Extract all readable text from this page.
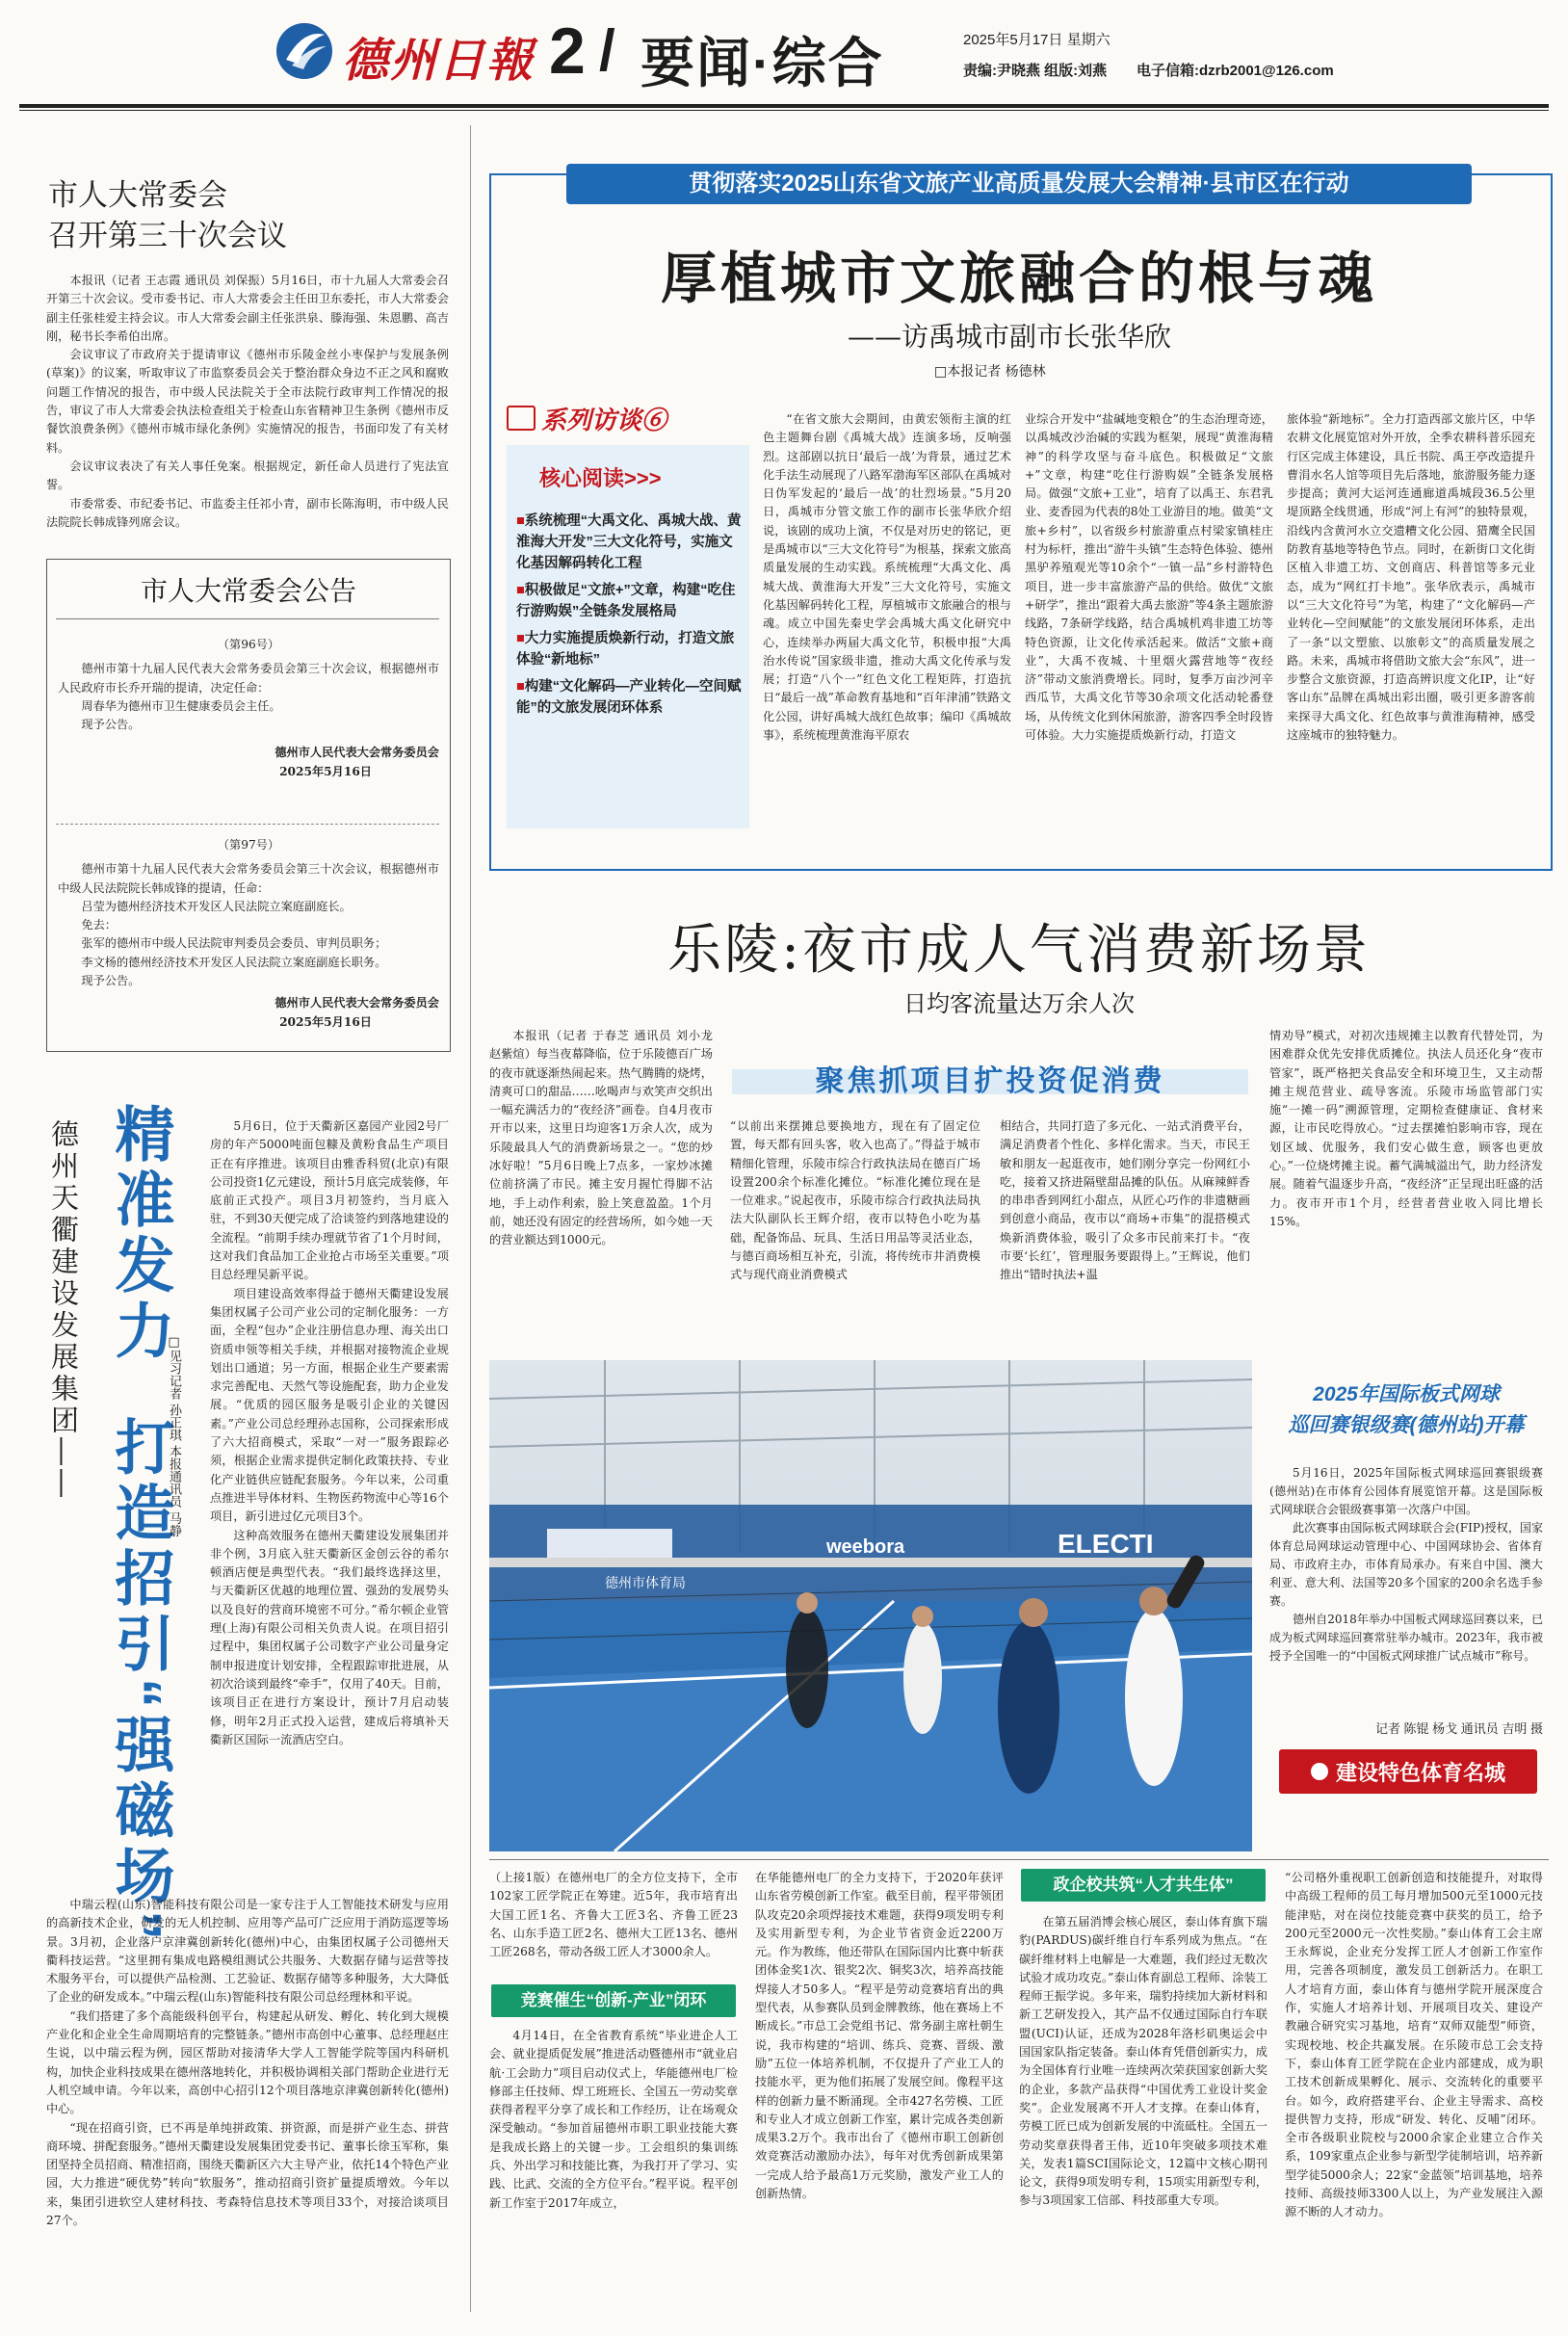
德州日報 2 / 要闻·综合	2025年5月17日 星期六
责编:尹晓燕 组版:刘燕 电子信箱:dzrb2001@126.com
市人大常委会
召开第三十次会议

本报讯（记者 王志霞 通讯员 刘保振）5月16日，市十九届人大常委会召开第三十次会议。受市委书记、市人大常委会主任田卫东委托，市人大常委会副主任张桂爱主持会议。市人大常委会副主任张洪泉、滕海强、朱恩鹏、高吉刚，秘书长李希伯出席。

会议审议了市政府关于提请审议《德州市乐陵金丝小枣保护与发展条例(草案)》的议案，听取审议了市监察委员会关于整治群众身边不正之风和腐败问题工作情况的报告，市中级人民法院关于全市法院行政审判工作情况的报告，审议了市人大常委会执法检查组关于检查山东省精神卫生条例《德州市反餐饮浪费条例》《德州市城市绿化条例》实施情况的报告，书面印发了有关材料。

会议审议表决了有关人事任免案。根据规定，新任命人员进行了宪法宣誓。

市委常委、市纪委书记、市监委主任祁小青，副市长陈海明，市中级人民法院院长韩成锋列席会议。

市人大常委会公告
（第96号）

德州市第十九届人民代表大会常务委员会第三十次会议，根据德州市人民政府市长乔开瑞的提请，决定任命：

周春华为德州市卫生健康委员会主任。

现予公告。

德州市人民代表大会常务委员会
2025年5月16日
（第97号）

德州市第十九届人民代表大会常务委员会第三十次会议，根据德州市中级人民法院院长韩成锋的提请，任命：

吕莹为德州经济技术开发区人民法院立案庭副庭长。

免去：

张军的德州市中级人民法院审判委员会委员、审判员职务；

李文杨的德州经济技术开发区人民法院立案庭副庭长职务。

现予公告。

德州市人民代表大会常务委员会
2025年5月16日
德州天衢建设发展集团—— 精准发力
打造招引“强磁场”
□见习记者 孙正琪 本报通讯员 马静

5月6日，位于天衢新区嘉园产业园2号厂房的年产5000吨面包糠及黄粉食品生产项目正在有序推进。该项目由雅香科贸(北京)有限公司投资1亿元建设，预计5月底完成装修，年底前正式投产。项目3月初签约，当月底入驻，不到30天便完成了洽谈签约到落地建设的全流程。“前期手续办理就节省了1个月时间，这对我们食品加工企业抢占市场至关重要。”项目总经理吴新平说。

项目建设高效率得益于德州天衢建设发展集团权属子公司产业公司的定制化服务：一方面，全程“包办”企业注册信息办理、海关出口资质申领等相关手续，并根据对接物流企业规划出口通道；另一方面，根据企业生产要素需求完善配电、天然气等设施配套，助力企业发展。“优质的园区服务是吸引企业的关键因素。”产业公司总经理孙志国称，公司探索形成了六大招商模式，采取“一对一”服务跟踪必须，根据企业需求提供定制化政策扶持、专业化产业链供应链配套服务。今年以来，公司重点推进半导体材料、生物医药物流中心等16个项目，新引进过亿元项目3个。

这种高效服务在德州天衢建设发展集团并非个例，3月底入驻天衢新区金创云谷的希尔顿酒店便是典型代表。“我们最终选择这里，与天衢新区优越的地理位置、强劲的发展势头以及良好的营商环境密不可分。”希尔顿企业管理(上海)有限公司相关负责人说。在项目招引过程中，集团权属子公司数字产业公司量身定制申报进度计划安排，全程跟踪审批进展，从初次洽谈到最终“牵手”，仅用了40天。目前，该项目正在进行方案设计，预计7月启动装修，明年2月正式投入运营，建成后将填补天衢新区国际一流酒店空白。

中瑞云程(山东)智能科技有限公司是一家专注于人工智能技术研发与应用的高新技术企业，研发的无人机控制、应用等产品可广泛应用于消防巡逻等场景。3月初，企业落户京津冀创新转化(德州)中心，由集团权属子公司德州天衢科技运营。“这里拥有集成电路模组测试公共服务、大数据存储与运营等技术服务平台，可以提供产品检测、工艺验证、数据存储等多种服务，大大降低了企业的研发成本。”中瑞云程(山东)智能科技有限公司总经理林和平说。

“我们搭建了多个高能级科创平台，构建起从研发、孵化、转化到大规模产业化和企业全生命周期培育的完整链条。”德州市高创中心董事、总经理赵庄生说，以中瑞云程为例，园区帮助对接清华大学人工智能学院等国内科研机构，加快企业科技成果在德州落地转化，并积极协调相关部门帮助企业进行无人机空域申请。今年以来，高创中心招引12个项目落地京津冀创新转化(德州)中心。

“现在招商引资，已不再是单纯拼政策、拼资源，而是拼产业生态、拼营商环境、拼配套服务。”德州天衢建设发展集团党委书记、董事长徐玉军称，集团坚持全员招商、精准招商，围绕天衢新区六大主导产业，依托14个特色产业园，大力推进“硬优势”转向“软服务”，推动招商引资扩量提质增效。今年以来，集团引进软空人建材科技、考森特信息技术等项目33个，对接洽谈项目27个。

贯彻落实2025山东省文旅产业高质量发展大会精神·县市区在行动
厚植城市文旅融合的根与魂
——访禹城市副市长张华欣
□本报记者 杨德林
系列访谈⑥
核心阅读>>>
■系统梳理“大禹文化、禹城大战、黄淮海大开发”三大文化符号，实施文化基因解码转化工程
■积极做足“文旅+”文章，构建“吃住行游购娱”全链条发展格局
■大力实施提质焕新行动，打造文旅体验“新地标”
■构建“文化解码—产业转化—空间赋能”的文旅发展闭环体系
“在省文旅大会期间，由黄宏领衔主演的红色主题舞台剧《禹城大战》连演多场，反响强烈。这部剧以抗日‘最后一战’为背景，通过艺术化手法生动展现了八路军渤海军区部队在禹城对日伪军发起的‘最后一战’的壮烈场景。”5月20日，禹城市分管文旅工作的副市长张华欣介绍说，该剧的成功上演，不仅是对历史的铭记，更是禹城市以“三大文化符号”为根基，探索文旅高质量发展的生动实践。系统梳理“大禹文化、禹城大战、黄淮海大开发”三大文化符号，实施文化基因解码转化工程，厚植城市文旅融合的根与魂。成立中国先秦史学会禹城大禹文化研究中心，连续举办两届大禹文化节，积极申报“大禹治水传说”国家级非遗，推动大禹文化传承与发展；打造“八个一”红色文化工程矩阵，打造抗日“最后一战”革命教育基地和“百年津浦”铁路文化公园，讲好禹城大战红色故事；编印《禹城故事》，系统梳理黄淮海平原农
业综合开发中“盐碱地变粮仓”的生态治理奇迹，以禹城改沙治碱的实践为框架，展现“黄淮海精神”的科学攻坚与奋斗底色。积极做足“文旅+”文章，构建“吃住行游购娱”全链条发展格局。做强“文旅+工业”，培育了以禹王、东君乳业、麦香园为代表的8处工业游目的地。做美“文旅+乡村”，以省级乡村旅游重点村梁家镇桂庄村为标杆，推出“游牛头镇”生态特色体验、德州黑驴养殖观光等10余个“一镇一品”乡村游特色项目，进一步丰富旅游产品的供给。做优“文旅+研学”，推出“跟着大禹去旅游”等4条主题旅游线路，7条研学线路，结合禹城机鸡非遗工坊等特色资源，让文化传承活起来。做活“文旅+商业”，大禹不夜城、十里烟火露营地等“夜经济”带动文旅消费增长。同时，复季万亩沙河辛西瓜节，大禹文化节等30余项文化活动轮番登场，从传统文化到休闲旅游，游客四季全时段皆可体验。大力实施提质焕新行动，打造文
旅体验“新地标”。全力打造西部文旅片区，中华农耕文化展览馆对外开放，全季农耕科普乐园充行区完成主体建设，具丘书院、禹王亭改造提升曹涓水名人馆等项目先后落地，旅游服务能力逐步提高；黄河大运河连通廊道禹城段36.5公里堤顶路全线贯通，形成“河上有河”的独特景观，沿线内含黄河水立交遗糟文化公园、猎鹰全民国防教育基地等特色节点。同时，在新街口文化街区植入非遗工坊、文创商店、科普馆等多元业态，成为“网红打卡地”。张华欣表示，禹城市以“三大文化符号”为笔，构建了“文化解码—产业转化—空间赋能”的文旅发展闭环体系，走出了一条“以文塑旅、以旅彰文”的高质量发展之路。未来，禹城市将借助文旅大会“东风”，进一步整合文旅资源，打造高辨识度文化IP，让“好客山东”品牌在禹城出彩出圈，吸引更多游客前来探寻大禹文化、红色故事与黄淮海精神，感受这座城市的独特魅力。
乐陵:夜市成人气消费新场景
日均客流量达万余人次
本报讯（记者 于春芝 通讯员 刘小龙 赵紫煊）每当夜幕降临，位于乐陵德百广场的夜市就逐渐热闹起来。热气腾腾的烧烤，清爽可口的甜品……吆喝声与欢笑声交织出一幅充满活力的“夜经济”画卷。自4月夜市开市以来，这里日均迎客1万余人次，成为乐陵最具人气的消费新场景之一。“您的炒冰好啦！”5月6日晚上7点多，一家炒冰摊位前挤满了市民。摊主安月握忙得脚不沾地，手上动作利索，脸上笑意盈盈。1个月前，她还没有固定的经营场所，如今她一天的营业额达到1000元。
聚焦抓项目扩投资促消费
“以前出来摆摊总要换地方，现在有了固定位置，每天都有回头客，收入也高了。”得益于城市精细化管理，乐陵市综合行政执法局在德百广场设置200余个标准化摊位。“标准化摊位现在是一位难求。”说起夜市，乐陵市综合行政执法局执法大队副队长王辉介绍，夜市以特色小吃为基础，配备饰品、玩具、生活日用品等灵活业态，与德百商场相互补充，引流，将传统市井消费模式与现代商业消费模式
相结合，共同打造了多元化、一站式消费平台，满足消费者个性化、多样化需求。当天，市民王敏和朋友一起逛夜市，她们刚分享完一份网红小吃，接着又挤进隔壁甜品摊的队伍。从麻辣鲜香的串串香到网红小甜点，从匠心巧作的非遗糖画到创意小商品，夜市以“商场+市集”的混搭模式焕新消费体验，吸引了众多市民前来打卡。“夜市要‘长红’，管理服务要跟得上。”王辉说，他们推出“错时执法+温
情劝导”模式，对初次违规摊主以教育代替处罚，为困难群众优先安排优质摊位。执法人员还化身“夜市管家”，既严格把关食品安全和环境卫生，又主动帮摊主规范营业、疏导客流。乐陵市场监管部门实施“一摊一码”溯源管理，定期检查健康证、食材来源，让市民吃得放心。“过去摆摊怕影响市容，现在划区域、优服务，我们安心做生意，顾客也更放心。”一位烧烤摊主说。蓄气满城溢出气，助力经济发展。随着气温逐步升高，“夜经济”正呈现出旺盛的活力。夜市开市1个月，经营者营业收入同比增长15%。
德州市体育局
weebora	ELECTI
2025年国际板式网球
巡回赛银级赛(德州站)开幕

5月16日，2025年国际板式网球巡回赛银级赛(德州站)在市体育公园体育展览馆开幕。这是国际板式网球联合会银级赛事第一次落户中国。

此次赛事由国际板式网球联合会(FIP)授权，国家体育总局网球运动管理中心、中国网球协会、省体育局、市政府主办，市体育局承办。有来自中国、澳大利亚、意大利、法国等20多个国家的200余名选手参赛。

德州自2018年举办中国板式网球巡回赛以来，已成为板式网球巡回赛常驻举办城市。2023年，我市被授予全国唯一的“中国板式网球推广试点城市”称号。

记者 陈锟 杨戈 通讯员 吉明 摄
建设特色体育名城
（上接1版）在德州电厂的全方位支持下，全市102家工匠学院正在筹建。近5年，我市培育出大国工匠1名、齐鲁大工匠3名、齐鲁工匠23名、山东手造工匠2名、德州大工匠13名、德州工匠268名，带动各级工匠人才3000余人。
竞赛催生“创新-产业”闭环
4月14日，在全省教育系统“毕业进企人工会、就业提质促发展”推进活动暨德州市“就业启航·工会助力”项目启动仪式上，华能德州电厂检修部主任技师、焊工班班长、全国五一劳动奖章获得者程平分享了成长和工作经历，让在场观众深受触动。“参加首届德州市职工职业技能大赛是我成长路上的关键一步。工会组织的集训练兵、外出学习和技能比赛，为我打开了学习、实践、比武、交流的全方位平台。”程平说。程平创新工作室于2017年成立，
在华能德州电厂的全力支持下，于2020年获评山东省劳模创新工作室。截至目前，程平带领团队攻克20余项焊接技术难题，获得9项发明专利及实用新型专利，为企业节省资金近2200万元。作为教练，他还带队在国际国内比赛中斩获团体金奖1次、银奖2次、铜奖3次，培养高技能焊接人才50多人。“程平是劳动竞赛培育出的典型代表，从参赛队员到金牌教练，他在赛场上不断成长。”市总工会党组书记、常务副主席杜朝生说，我市构建的“培训、练兵、竞赛、晋级、激励”五位一体培养机制，不仅提升了产业工人的技能水平，更为他们拓展了发展空间。像程平这样的创新力量不断涌现。全市427名劳模、工匠和专业人才成立创新工作室，累计完成各类创新成果3.2万个。我市出台了《德州市职工创新创效竞赛活动激励办法》，每年对优秀创新成果第一完成人给予最高1万元奖励，激发产业工人的创新热情。
政企校共筑“人才共生体”
在第五届消博会核心展区，泰山体育旗下瑞豹(PARDUS)碳纤维自行车系列成为焦点。“在碳纤维材料上电解是一大难题，我们经过无数次试验才成功攻克。”泰山体育副总工程师、涂装工程师王振学说。多年来，瑞豹持续加大新材料和新工艺研发投入，其产品不仅通过国际自行车联盟(UCI)认证，还成为2028年洛杉矶奥运会中国国家队指定装备。泰山体育凭借创新实力，成为全国体育行业唯一连续两次荣获国家创新大奖的企业，多款产品获得“中国优秀工业设计奖金奖”。企业发展离不开人才支撑。在泰山体育，劳模工匠已成为创新发展的中流砥柱。全国五一劳动奖章获得者王伟，近10年突破多项技术难关，发表1篇SCI国际论文，12篇中文核心期刊论文，获得9项发明专利，15项实用新型专利，参与3项国家工信部、科技部重大专项。
“公司格外重视职工创新创造和技能提升，对取得中高级工程师的员工每月增加500元至1000元技能津贴，对在岗位技能竞赛中获奖的员工，给予200元至2000元一次性奖励。”泰山体育工会主席王永辉说，企业充分发挥工匠人才创新工作室作用，完善各项制度，激发员工创新活力。在职工人才培育方面，泰山体育与德州学院开展深度合作，实施人才培养计划、开展项目攻关、建设产教融合研究实习基地，培育“双师双能型”师资，实现校地、校企共赢发展。在乐陵市总工会支持下，泰山体育工匠学院在企业内部建成，成为职工技术创新成果孵化、展示、交流转化的重要平台。如今，政府搭建平台、企业主导需求、高校提供智力支持，形成“研发、转化、反哺”闭环。全市各级职业院校与2000余家企业建立合作关系，109家重点企业参与新型学徒制培训，培养新型学徒5000余人；22家“金蓝领”培训基地，培养技师、高级技师3300人以上，为产业发展注入源源不断的人才动力。
